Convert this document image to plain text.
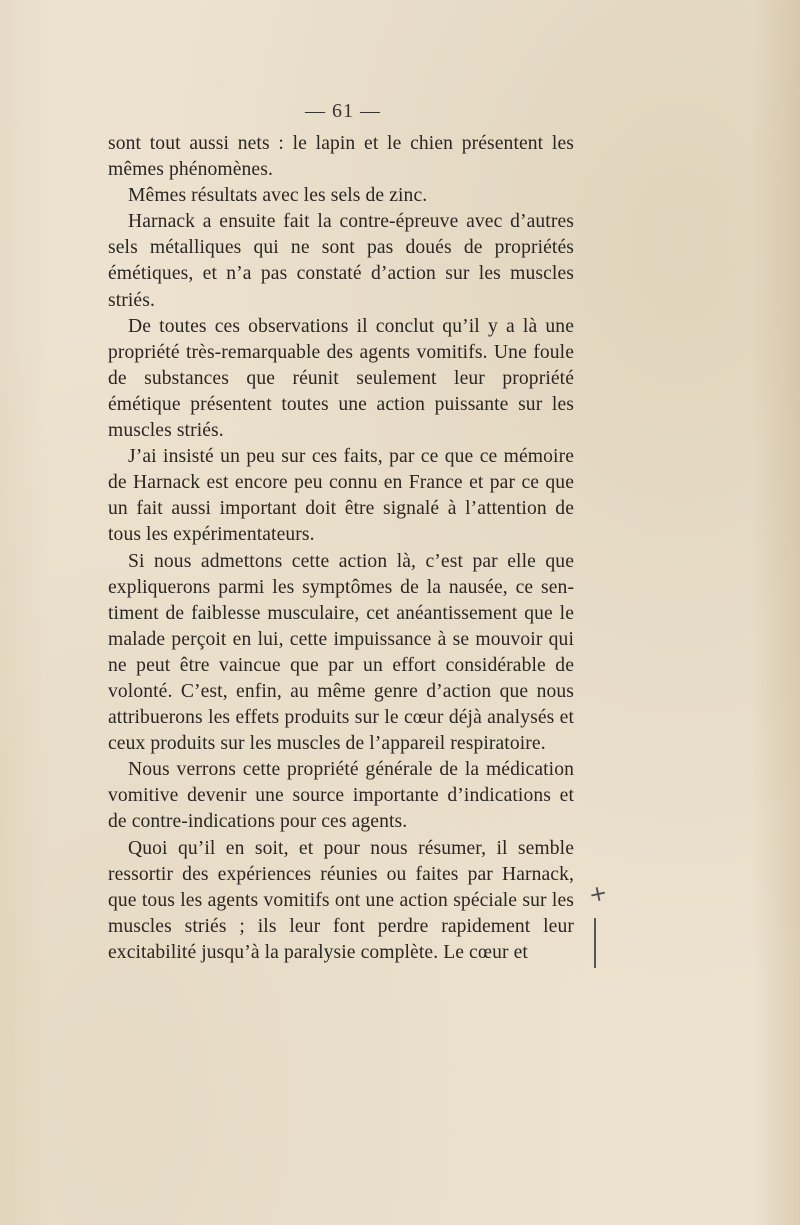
— 61 —

sont tout aussi nets : le lapin et le chien présentent les mêmes phénomènes.

Mêmes résultats avec les sels de zinc.

Harnack a ensuite fait la contre-épreuve avec d’autres sels métalliques qui ne sont pas doués de propriétés émétiques, et n’a pas constaté d’action sur les muscles striés.

De toutes ces observations il conclut qu’il y a là une propriété très-remarquable des agents vomitifs. Une foule de substances que réunit seulement leur propriété émétique présentent toutes une action puissante sur les muscles striés.

J’ai insisté un peu sur ces faits, par ce que ce mémoire de Harnack est encore peu connu en France et par ce que un fait aussi important doit être signalé à l’attention de tous les expérimentateurs.

Si nous admettons cette action là, c’est par elle que expliquerons parmi les symptômes de la nausée, ce sentiment de faiblesse musculaire, cet anéantissement que le malade perçoit en lui, cette impuissance à se mouvoir qui ne peut être vaincue que par un effort considérable de volonté. C’est, enfin, au même genre d’action que nous attribuerons les effets produits sur le cœur déjà analysés et ceux produits sur les muscles de l’appareil respiratoire.

Nous verrons cette propriété générale de la médication vomitive devenir une source importante d’indications et de contre-indications pour ces agents.

Quoi qu’il en soit, et pour nous résumer, il semble ressortir des expériences réunies ou faites par Harnack, que tous les agents vomitifs ont une action spéciale sur les muscles striés ; ils leur font perdre rapidement leur excitabilité jusqu’à la paralysie complète. Le cœur et

+
